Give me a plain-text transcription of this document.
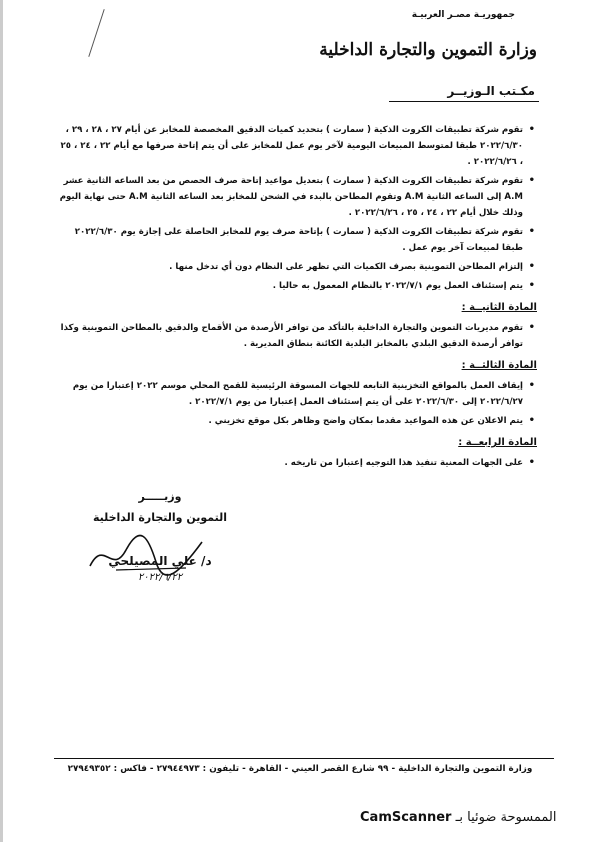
جمهوريـة مصـر العربيـة
وزارة التموين والتجارة الداخلية
مكـتب الـوزيــر
•
تقوم شركة تطبيقات الكروت الذكية ( سمارت ) بتحديد كميات الدقيق المخصصة للمخابز عن أيام ٢٧ ، ٢٨ ، ٢٩ ، ٢٠٢٢/٦/٣٠ طبقا لمتوسط المبيعات اليومية لآخر يوم عمل للمخابز على أن يتم إتاحة صرفها مع أيام ٢٢ ، ٢٤ ، ٢٥ ، ٢٠٢٢/٦/٢٦ .
•
تقوم شركة تطبيقات الكروت الذكية ( سمارت ) بتعديل مواعيد إتاحة صرف الحصص من بعد الساعه الثانية عشر A.M إلى الساعه الثانية A.M وتقوم المطاحن بالبدء في الشحن للمخابز بعد الساعه الثانية A.M حتى نهاية اليوم وذلك خلال أيام ٢٢ ، ٢٤ ، ٢٥ ، ٢٠٢٢/٦/٢٦ .
•
تقوم شركة تطبيقات الكروت الذكية ( سمارت ) بإتاحة صرف يوم للمخابز الحاصلة على إجازة يوم ٢٠٢٢/٦/٣٠ طبقا لمبيعات آخر يوم عمل .
•
إلتزام المطاحن التموينية بصرف الكميات التي تظهر على النظام دون أي تدخل منها .
•
يتم إستئناف العمل يوم ٢٠٢٢/٧/١ بالنظام المعمول به حاليا .
المادة الثانيــة :
•
تقوم مديريات التموين والتجارة الداخلية بالتأكد من توافر الأرصدة من الأقماح والدقيق بالمطاحن التموينية وكذا توافر أرصدة الدقيق البلدي بالمخابز البلدية الكائنة بنطاق المديرية .
المادة الثالثــة :
•
إيقاف العمل بالمواقع التخزينية التابعه للجهات المسوقة الرئيسية للقمح المحلي موسم ٢٠٢٢ إعتبارا من يوم ٢٠٢٢/٦/٢٧ إلى ٢٠٢٢/٦/٣٠ على أن يتم إستئناف العمل إعتبارا من يوم ٢٠٢٢/٧/١ .
•
يتم الاعلان عن هذه المواعيد مقدما بمكان واضح وظاهر بكل موقع تخزيني .
المادة الرابعــة :
•
على الجهات المعنية تنفيذ هذا التوجيه إعتبارا من تاريخه .
وزيـــــر
التموين والتجارة الداخلية
د/ علي المصيلحي
٢٠٢٢/٦/٢٢
وزارة التموين والتجارة الداخلية - ٩٩ شارع القصر العيني - القاهرة - تليفون : ٢٧٩٤٤٩٧٣ - فاكس : ٢٧٩٤٩٣٥٢
CamScanner الممسوحة ضوئيا بـ
